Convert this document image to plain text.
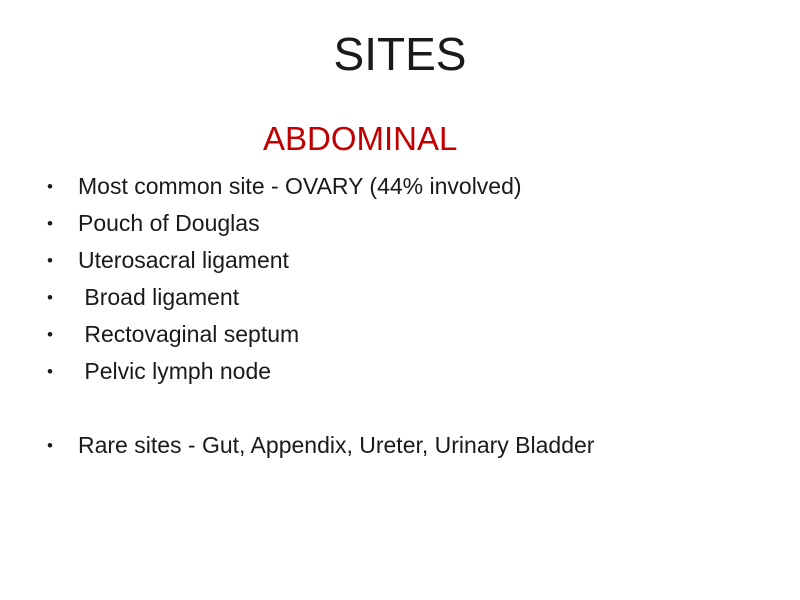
SITES
ABDOMINAL

•

	Most common site - OVARY (44% involved)

•

	Pouch of Douglas

•

	Uterosacral ligament

•

	Broad ligament

•

	Rectovaginal septum

•

	Pelvic lymph node

•

	Rare sites - Gut, Appendix, Ureter, Urinary Bladder
